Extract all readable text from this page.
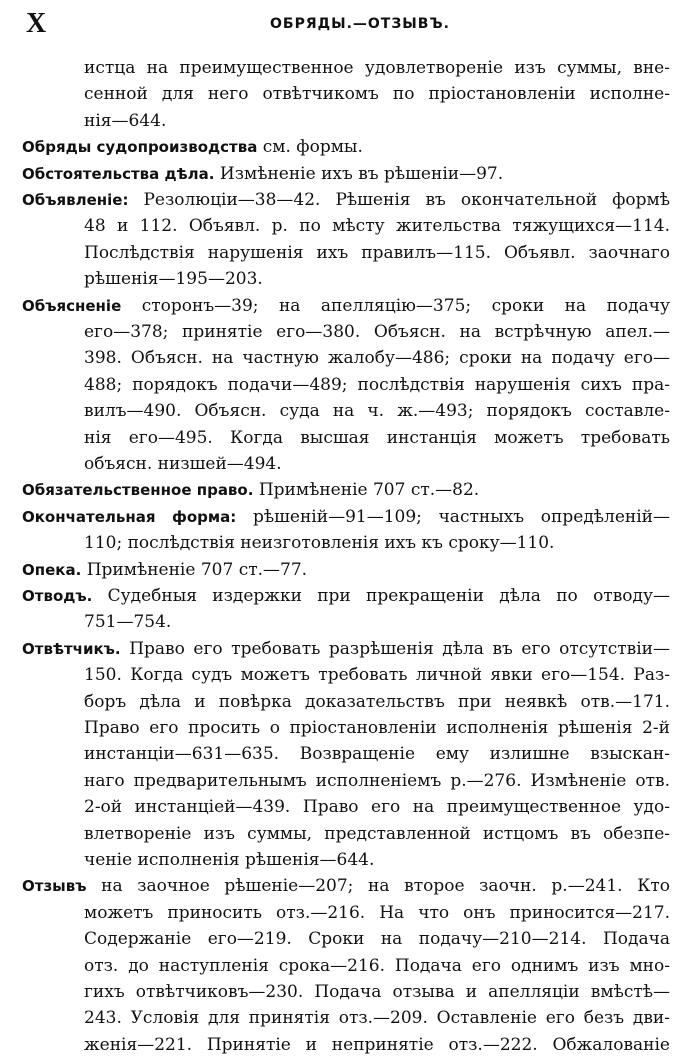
X	ОБРЯДЫ.—ОТЗЫВЪ.
истца на преимущественное удовлетвореніе изъ суммы, вне-
сенной для него отвѣтчикомъ по пріостановленіи исполне-
нія—644.
Обряды судопроизводства см. формы.
Обстоятельства дѣла. Измѣненіе ихъ въ рѣшеніи—97.
Объявленіе: Резолюціи—38—42. Рѣшенія въ окончательной формѣ
48 и 112. Объявл. р. по мѣсту жительства тяжущихся—114.
Послѣдствія нарушенія ихъ правилъ—115. Объявл. заочнаго
рѣшенія—195—203.
Объясненіе сторонъ—39; на апелляцію—375; сроки на подачу
его—378; принятіе его—380. Объясн. на встрѣчную апел.—
398. Объясн. на частную жалобу—486; сроки на подачу его—
488; порядокъ подачи—489; послѣдствія нарушенія сихъ пра-
вилъ—490. Объясн. суда на ч. ж.—493; порядокъ составле-
нія его—495. Когда высшая инстанція можетъ требовать
объясн. низшей—494.
Обязательственное право. Примѣненіе 707 ст.—82.
Окончательная форма: рѣшеній—91—109; частныхъ опредѣленій—
110; послѣдствія неизготовленія ихъ къ сроку—110.
Опека. Примѣненіе 707 ст.—77.
Отводъ. Судебныя издержки при прекращеніи дѣла по отводу—
751—754.
Отвѣтчикъ. Право его требовать разрѣшенія дѣла въ его отсутствіи—
150. Когда судъ можетъ требовать личной явки его—154. Раз-
боръ дѣла и повѣрка доказательствъ при неявкѣ отв.—171.
Право его просить о пріостановленіи исполненія рѣшенія 2-й
инстанціи—631—635. Возвращеніе ему излишне взыскан-
наго предварительнымъ исполненіемъ р.—276. Измѣненіе отв.
2-ой инстанціей—439. Право его на преимущественное удо-
влетвореніе изъ суммы, представленной истцомъ въ обезпе-
ченіе исполненія рѣшенія—644.
Отзывъ на заочное рѣшеніе—207; на второе заочн. р.—241. Кто
можетъ приносить отз.—216. На что онъ приносится—217.
Содержаніе его—219. Сроки на подачу—210—214. Подача
отз. до наступленія срока—216. Подача его однимъ изъ мно-
гихъ отвѣтчиковъ—230. Подача отзыва и апелляціи вмѣстѣ—
243. Условія для принятія отз.—209. Оставленіе его безъ дви-
женія—221. Принятіе и непринятіе отз.—222. Обжалованіе
